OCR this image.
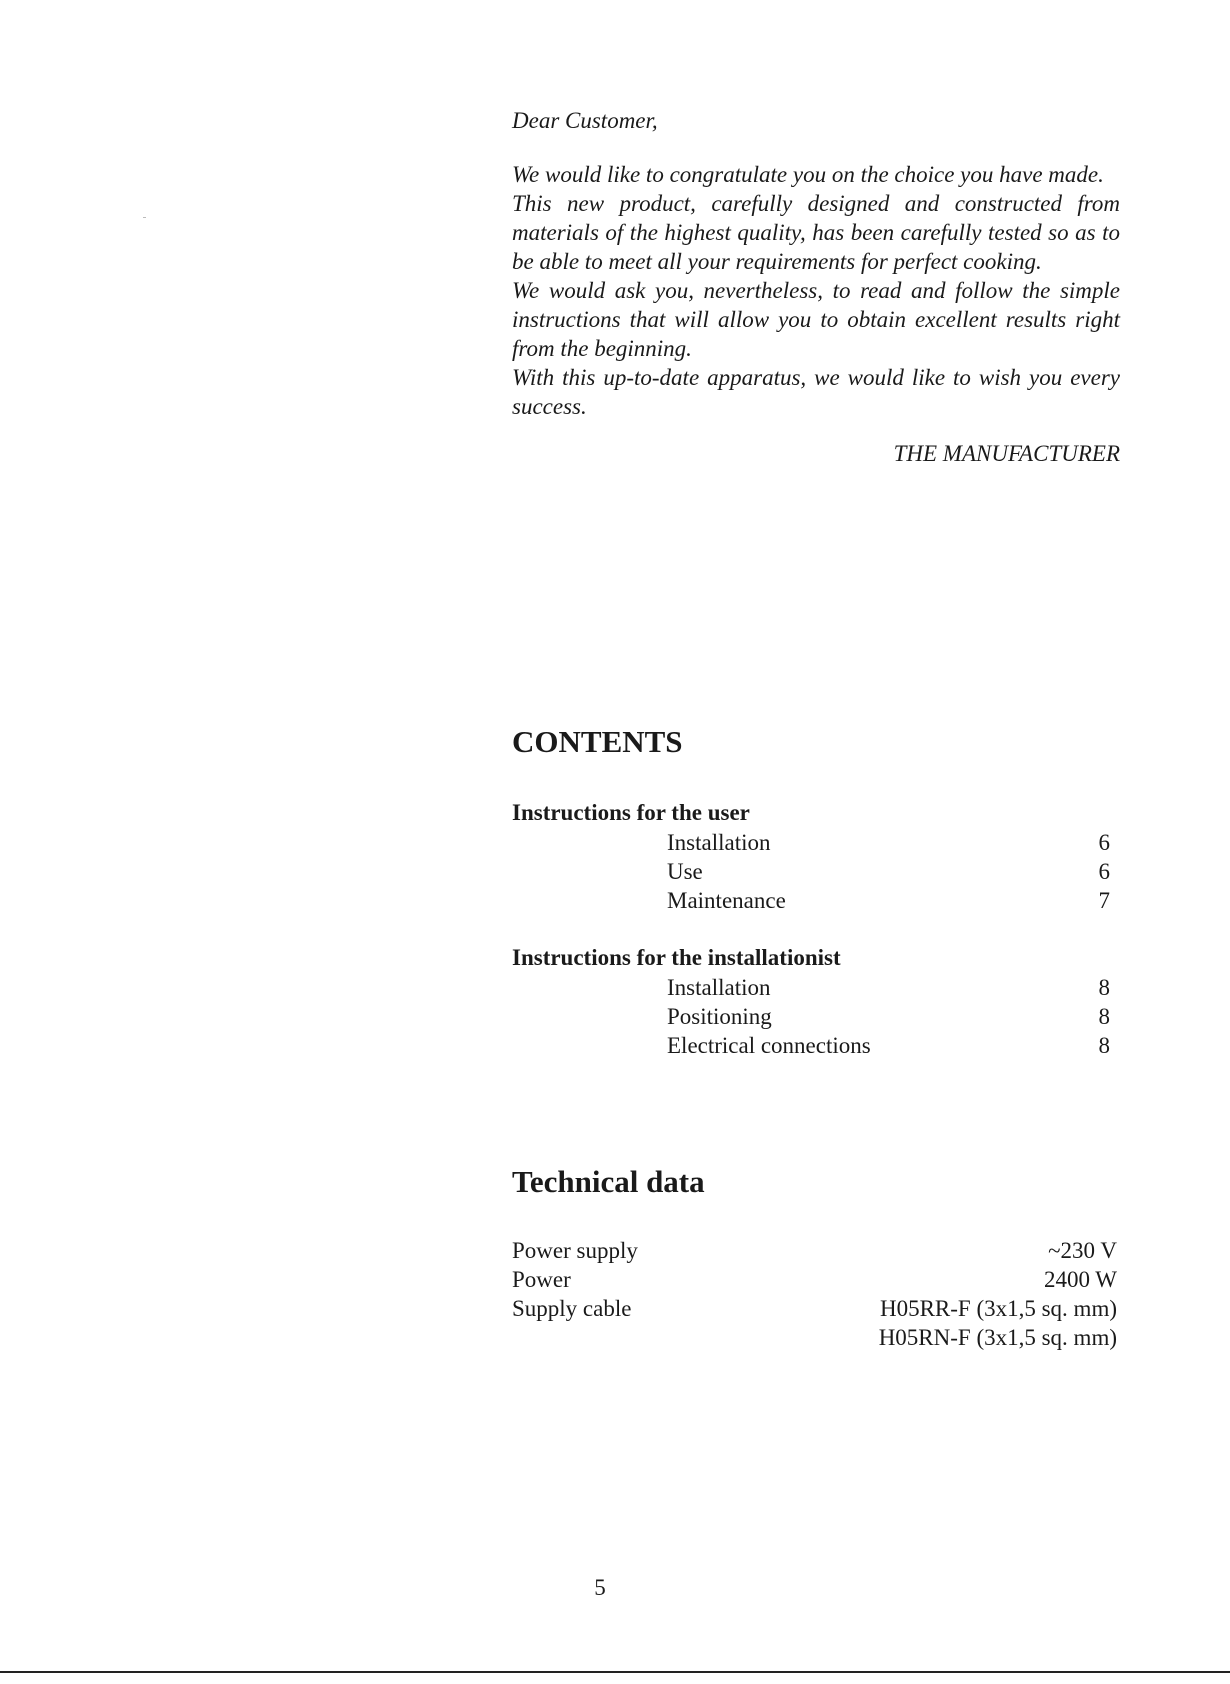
Dear Customer,

We would like to congratulate you on the choice you have made.

This new product, carefully designed and constructed from materials of the highest quality, has been carefully tested so as to be able to meet all your requirements for perfect cooking.

We would ask you, nevertheless, to read and follow the simple instructions that will allow you to obtain excellent results right from the beginning.

With this up-to-date apparatus, we would like to wish you every success.

THE MANUFACTURER

CONTENTS

Instructions for the user

Installation	6
Use	6
Maintenance	7

Instructions for the installationist

Installation	8
Positioning	8
Electrical connections	8
Technical data
Power supply	~230 V
Power	2400 W
Supply cable	H05RR-F (3x1,5 sq. mm)
H05RN-F (3x1,5 sq. mm)
5
